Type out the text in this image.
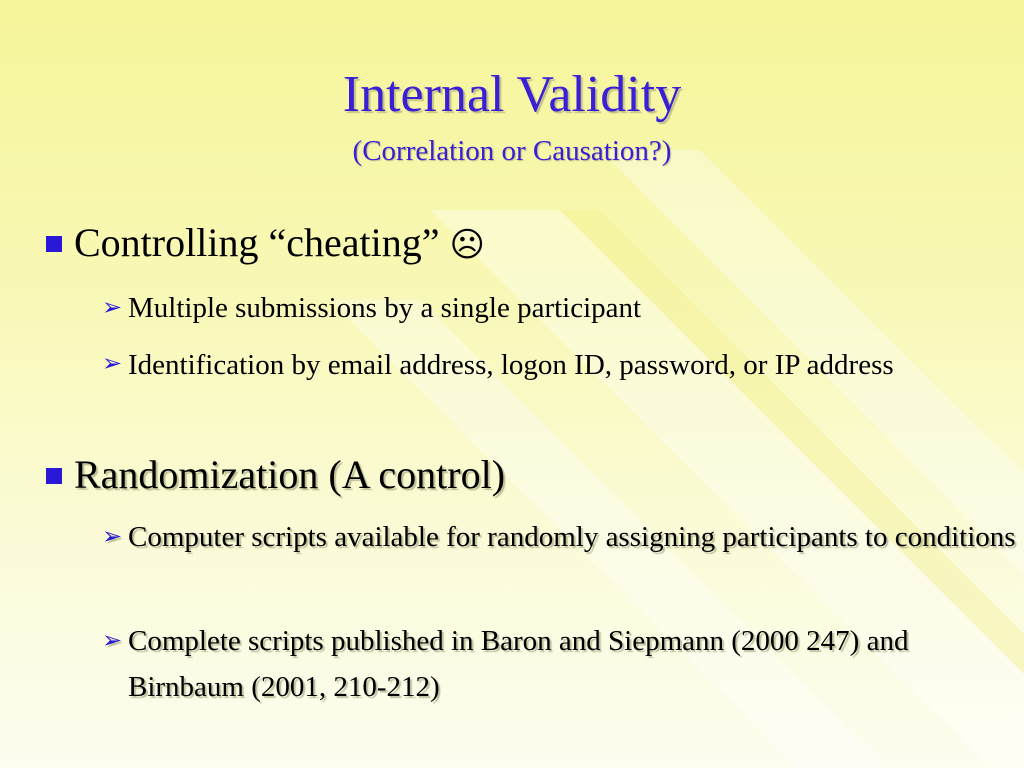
Internal Validity
(Correlation or Causation?)
Controlling “cheating” ☹
➢ Multiple submissions by a single participant
➢ Identification by email address, logon ID, password, or IP address
Randomization (A control)
➢ Computer scripts available for randomly assigning participants to conditions
➢ Complete scripts published in Baron and Siepmann (2000 247) and Birnbaum (2001, 210-212)
